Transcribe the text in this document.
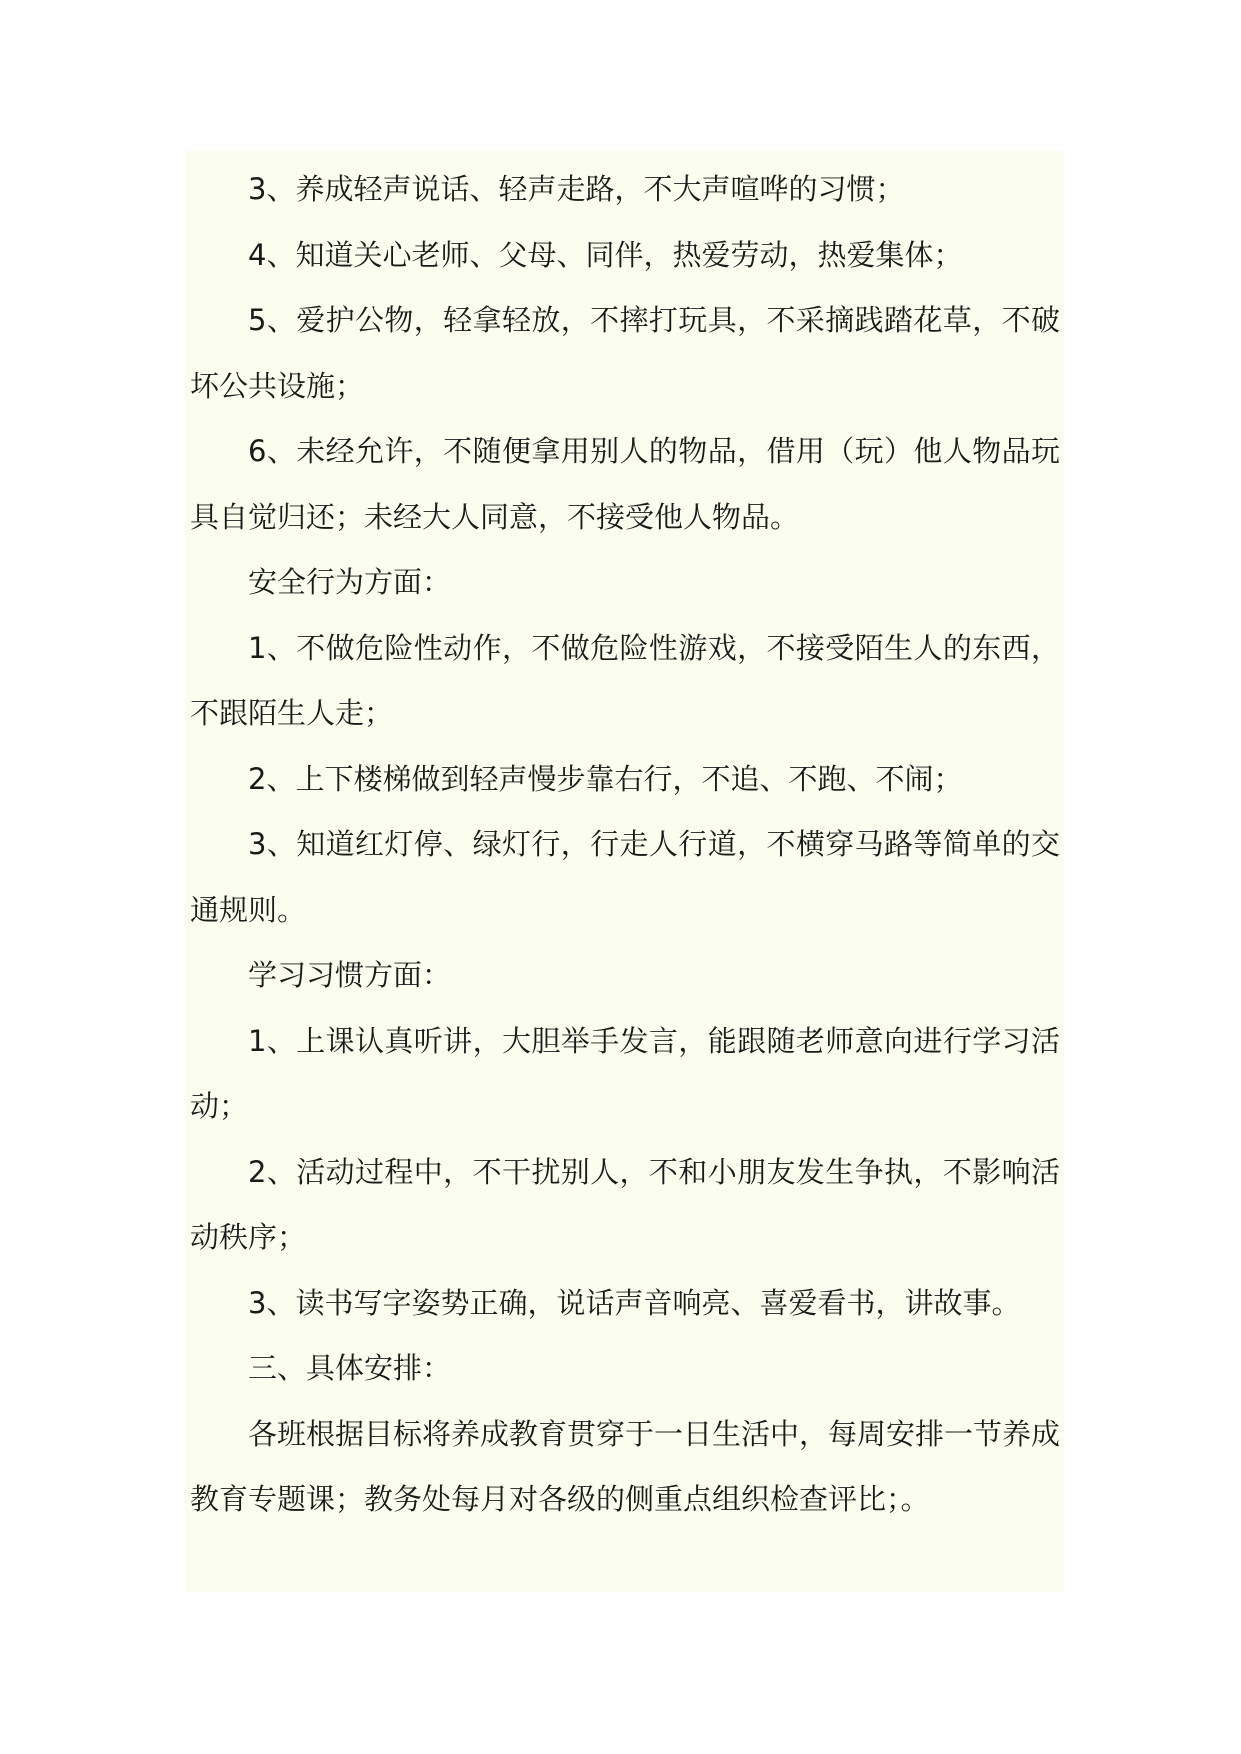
3、养成轻声说话、轻声走路，不大声喧哗的习惯；

4、知道关心老师、父母、同伴，热爱劳动，热爱集体；

5、爱护公物，轻拿轻放，不摔打玩具，不采摘践踏花草，不破坏公共设施；

6、未经允许，不随便拿用别人的物品，借用（玩）他人物品玩具自觉归还；未经大人同意，不接受他人物品。

安全行为方面：

1、不做危险性动作，不做危险性游戏，不接受陌生人的东西，不跟陌生人走；

2、上下楼梯做到轻声慢步靠右行，不追、不跑、不闹；

3、知道红灯停、绿灯行，行走人行道，不横穿马路等简单的交通规则。

学习习惯方面：

1、上课认真听讲，大胆举手发言，能跟随老师意向进行学习活动；

2、活动过程中，不干扰别人，不和小朋友发生争执，不影响活动秩序；

3、读书写字姿势正确，说话声音响亮、喜爱看书，讲故事。

三、具体安排：

各班根据目标将养成教育贯穿于一日生活中，每周安排一节养成教育专题课；教务处每月对各级的侧重点组织检查评比；。
